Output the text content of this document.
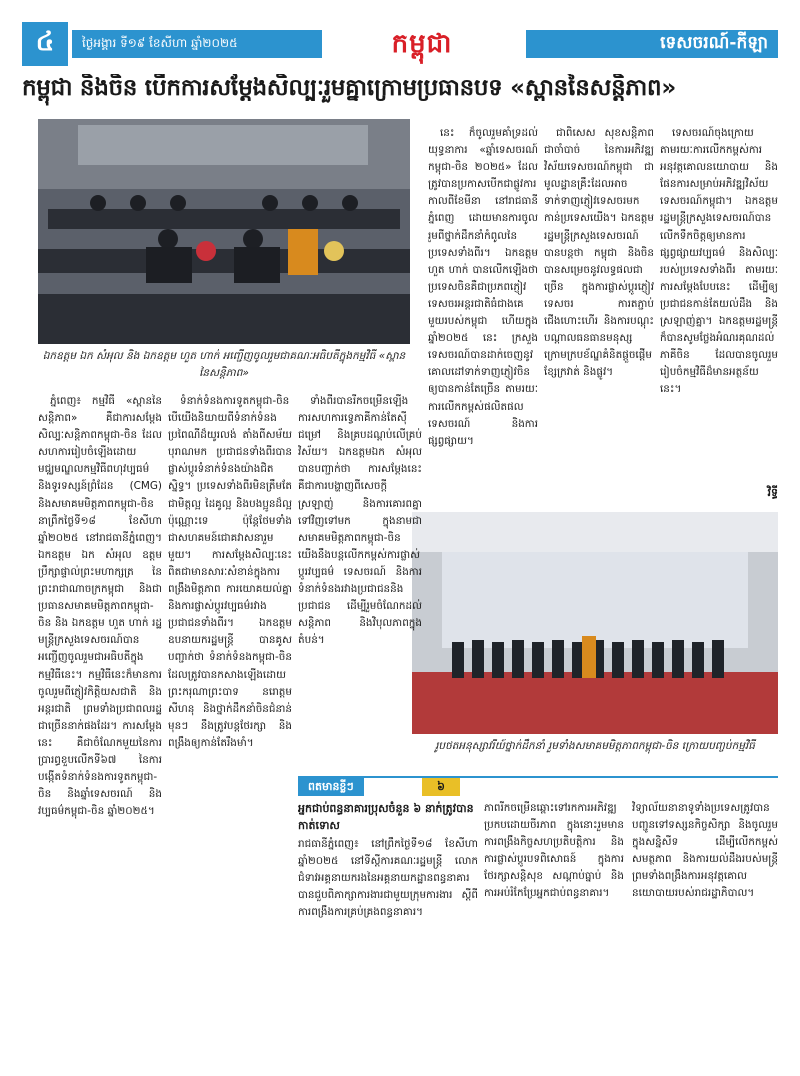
៤	ថ្ងៃអង្គារ ទី១៩ ខែសីហា ឆ្នាំ២០២៥	កម្ពុជា	ទេសចរណ៍-កីឡា
កម្ពុជា និងចិន បើកការសម្តែងសិល្បៈរួមគ្នាក្រោមប្រធានបទ «ស្ពាននៃសន្តិភាព»
ឯកឧត្តម ឯក សំអុល និង ឯកឧត្តម ហួត ហាក់ អញ្ជើញចូលរួមជាគណៈអធិបតីក្នុងកម្មវិធី «ស្ពាននៃសន្តិភាព»
រូបថតអនុស្សាវរីយ៍ថ្នាក់ដឹកនាំ រួមទាំងសមាគមមិត្តភាពកម្ពុជា-ចិន ក្រោយបញ្ចប់កម្មវិធី

ភ្នំពេញ៖ កម្មវិធី «ស្ពាននៃសន្តិភាព» គឺជាការសម្តែងសិល្បៈសន្តិភាពកម្ពុជា-ចិន ដែលសហការរៀបចំឡើងដោយមជ្ឈមណ្ឌលកម្មវិធីពហុវប្បធម៌ និងទូរទស្សន៍ព្រំដែន (CMG) និងសមាគមមិត្តភាពកម្ពុជា-ចិន នាព្រឹកថ្ងៃទី១៨ ខែសីហា ឆ្នាំ២០២៥ នៅរាជធានីភ្នំពេញ។ ឯកឧត្តម ឯក សំអុល ឧត្តមប្រឹក្សាផ្ទាល់ព្រះមហាក្សត្រ នៃព្រះរាជាណាចក្រកម្ពុជា និងជាប្រធានសមាគមមិត្តភាពកម្ពុជា-ចិន និង ឯកឧត្តម ហួត ហាក់ រដ្ឋមន្ត្រីក្រសួងទេសចរណ៍បានអញ្ជើញចូលរួមជាអធិបតីក្នុងកម្មវិធីនេះ។ កម្មវិធីនេះក៏មានការចូលរួមពីភ្ញៀវកិត្តិយសជាតិ និងអន្តរជាតិ ព្រមទាំងប្រជាពលរដ្ឋជាច្រើននាក់ផងដែរ។ ការសម្តែងនេះ គឺជាចំណែកមួយនៃការប្រារព្ធខួបលើកទី៦៧ នៃការបង្កើតទំនាក់ទំនងការទូតកម្ពុជា-ចិន និងឆ្នាំទេសចរណ៍ និងវប្បធម៌កម្ពុជា-ចិន ឆ្នាំ២០២៥។

ទំនាក់ទំនងការទូតកម្ពុជា-ចិន បើយើងនិយាយពីទំនាក់ទំនងប្រពៃណីដ៏យូរលង់ តាំងពីសម័យបុរាណមក ប្រជាជនទាំងពីរបានផ្លាស់ប្តូរទំនាក់ទំនងយ៉ាងជិតស្និទ្ធ។ ប្រទេសទាំងពីរមិនត្រឹមតែជាមិត្តល្អ ដៃគូល្អ និងបងប្អូនដ៏ល្អប៉ុណ្ណោះទេ ប៉ុន្តែថែមទាំងជាសហគមន៍ជោគវាសនារួមមួយ។ ការសម្តែងសិល្បៈនេះ ពិតជាមានសារៈសំខាន់ក្នុងការពង្រឹងមិត្តភាព ការយោគយល់គ្នា និងការផ្លាស់ប្តូរវប្បធម៌រវាងប្រជាជនទាំងពីរ។ ឯកឧត្តមឧបនាយករដ្ឋមន្ត្រី បានគូសបញ្ជាក់ថា ទំនាក់ទំនងកម្ពុជា-ចិន ដែលត្រូវបានកសាងឡើងដោយព្រះករុណាព្រះបាទ នរោត្តម សីហនុ និងថ្នាក់ដឹកនាំចិនជំនាន់មុនៗ នឹងត្រូវបន្តថែរក្សា និងពង្រឹងឲ្យកាន់តែរឹងមាំ។

ទាំងពីរបានរីកចម្រើនឡើង ការសហការទ្វេភាគីកាន់តែស៊ីជម្រៅ និងគ្របដណ្តប់លើគ្រប់វិស័យ។ ឯកឧត្តមឯក សំអុល បានបញ្ជាក់ថា ការសម្តែងនេះ គឺជាការបង្ហាញពីសេចក្តីស្រឡាញ់ និងការគោរពគ្នាទៅវិញទៅមក ក្នុងនាមជាសមាគមមិត្តភាពកម្ពុជា-ចិន យើងនឹងបន្តលើកកម្ពស់ការផ្លាស់ប្តូរវប្បធម៌ ទេសចរណ៍ និងការទំនាក់ទំនងរវាងប្រជាជននិងប្រជាជន ដើម្បីរួមចំណែកដល់សន្តិភាព និងវិបុលភាពក្នុងតំបន់។

នេះ ក៏ចូលរួមគាំទ្រដល់យុទ្ធនាការ «ឆ្នាំទេសចរណ៍កម្ពុជា-ចិន ២០២៥» ដែលត្រូវបានប្រកាសបើកជាផ្លូវការកាលពីខែមីនា នៅរាជធានីភ្នំពេញ ដោយមានការចូលរួមពីថ្នាក់ដឹកនាំកំពូលនៃប្រទេសទាំងពីរ។ ឯកឧត្តម ហួត ហាក់ បានលើកឡើងថា ប្រទេសចិនគឺជាប្រភពភ្ញៀវទេសចរអន្តរជាតិធំជាងគេមួយរបស់កម្ពុជា ហើយក្នុងឆ្នាំ២០២៥ នេះ ក្រសួងទេសចរណ៍បានដាក់ចេញនូវគោលដៅទាក់ទាញភ្ញៀវចិនឲ្យបានកាន់តែច្រើន តាមរយៈការលើកកម្ពស់ផលិតផលទេសចរណ៍ និងការផ្សព្វផ្សាយ។

ជាពិសេស សុខសន្តិភាព ជាចាំបាច់ នៃការអភិវឌ្ឍវិស័យទេសចរណ៍កម្ពុជា ជាមូលដ្ឋានគ្រឹះដែលអាចទាក់ទាញភ្ញៀវទេសចរមកកាន់ប្រទេសយើង។ ឯកឧត្តមរដ្ឋមន្ត្រីក្រសួងទេសចរណ៍ បានបន្តថា កម្ពុជា និងចិន បានសម្រេចនូវលទ្ធផលជាច្រើន ក្នុងការផ្លាស់ប្តូរភ្ញៀវទេសចរ ការតភ្ជាប់ជើងហោះហើរ និងការបណ្តុះបណ្តាលធនធានមនុស្ស ក្រោមក្របខ័ណ្ឌគំនិតផ្តួចផ្តើមខ្សែក្រវាត់ និងផ្លូវ។

ទេសចរណ៍ចុងក្រោយតាមរយៈការលើកកម្ពស់ការអនុវត្តគោលនយោបាយ និងផែនការសម្រាប់អភិវឌ្ឍវិស័យទេសចរណ៍កម្ពុជា។ ឯកឧត្តមរដ្ឋមន្ត្រីក្រសួងទេសចរណ៍បានលើកទឹកចិត្តឲ្យមានការផ្សព្វផ្សាយវប្បធម៌ និងសិល្បៈរបស់ប្រទេសទាំងពីរ តាមរយៈការសម្តែងបែបនេះ ដើម្បីឲ្យប្រជាជនកាន់តែយល់ដឹង និងស្រឡាញ់គ្នា។ ឯកឧត្តមរដ្ឋមន្ត្រីក៏បានសូមថ្លែងអំណរគុណដល់ភាគីចិន ដែលបានចូលរួមរៀបចំកម្មវិធីដ៏មានអត្ថន័យនេះ។

វិទ្ធី
ពតមានខ្លីៗ	៦
អ្នកជាប់ពន្ធនាគារប្រុសចំនួន ៦ នាក់ត្រូវបានកាត់ទោស
រាជធានីភ្នំពេញ៖ នៅព្រឹកថ្ងៃទី១៨ ខែសីហា ឆ្នាំ២០២៥ នៅទីស្តីការគណៈរដ្ឋមន្ត្រី លោកជំទាវអគ្គនាយករងនៃអគ្គនាយកដ្ឋានពន្ធនាគារបានជួបពិភាក្សាការងារជាមួយក្រុមការងារ ស្តីពីការពង្រឹងការគ្រប់គ្រងពន្ធនាគារ។
ភាពរីកចម្រើនឆ្ពោះទៅរកការអភិវឌ្ឍប្រកបដោយចីរភាព ក្នុងនោះរួមមានការពង្រឹងកិច្ចសហប្រតិបត្តិការ និងការផ្លាស់ប្តូរបទពិសោធន៍ ក្នុងការថែរក្សាសន្តិសុខ សណ្តាប់ធ្នាប់ និងការអប់រំកែប្រែអ្នកជាប់ពន្ធនាគារ។
វិទ្យាល័យនានាទូទាំងប្រទេសត្រូវបានបញ្ជូនទៅទស្សនកិច្ចសិក្សា និងចូលរួមក្នុងសន្និសីទ ដើម្បីលើកកម្ពស់សមត្ថភាព និងការយល់ដឹងរបស់មន្ត្រី ព្រមទាំងពង្រឹងការអនុវត្តគោលនយោបាយរបស់រាជរដ្ឋាភិបាល។
